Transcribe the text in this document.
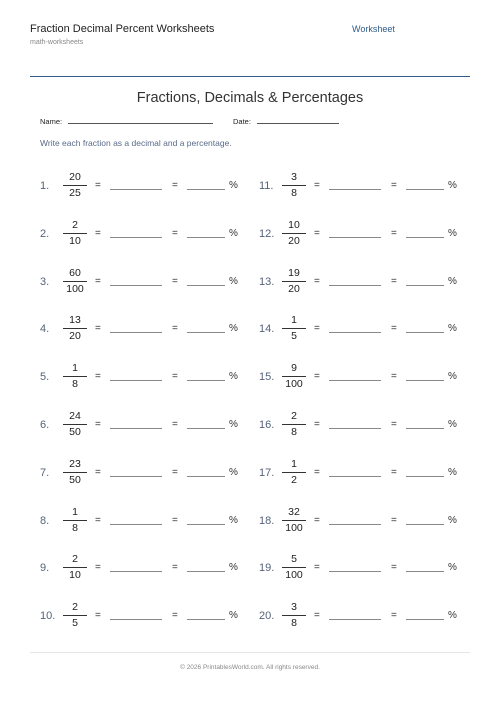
Fraction Decimal Percent Worksheets
math-worksheets
Worksheet
Fractions, Decimals & Percentages
Name:	Date:
Write each fraction as a decimal and a percentage.
1.
20
25
=	=	%
2.
2
10
=	=	%
3.
60
100
=	=	%
4.
13
20
=	=	%
5.
1
8
=	=	%
6.
24
50
=	=	%
7.
23
50
=	=	%
8.
1
8
=	=	%
9.
2
10
=	=	%
10.
2
5
=	=	%
11.
3
8
=	=	%
12.
10
20
=	=	%
13.
19
20
=	=	%
14.
1
5
=	=	%
15.
9
100
=	=	%
16.
2
8
=	=	%
17.
1
2
=	=	%
18.
32
100
=	=	%
19.
5
100
=	=	%
20.
3
8
=	=	%
© 2026 PrintablesWorld.com. All rights reserved.
